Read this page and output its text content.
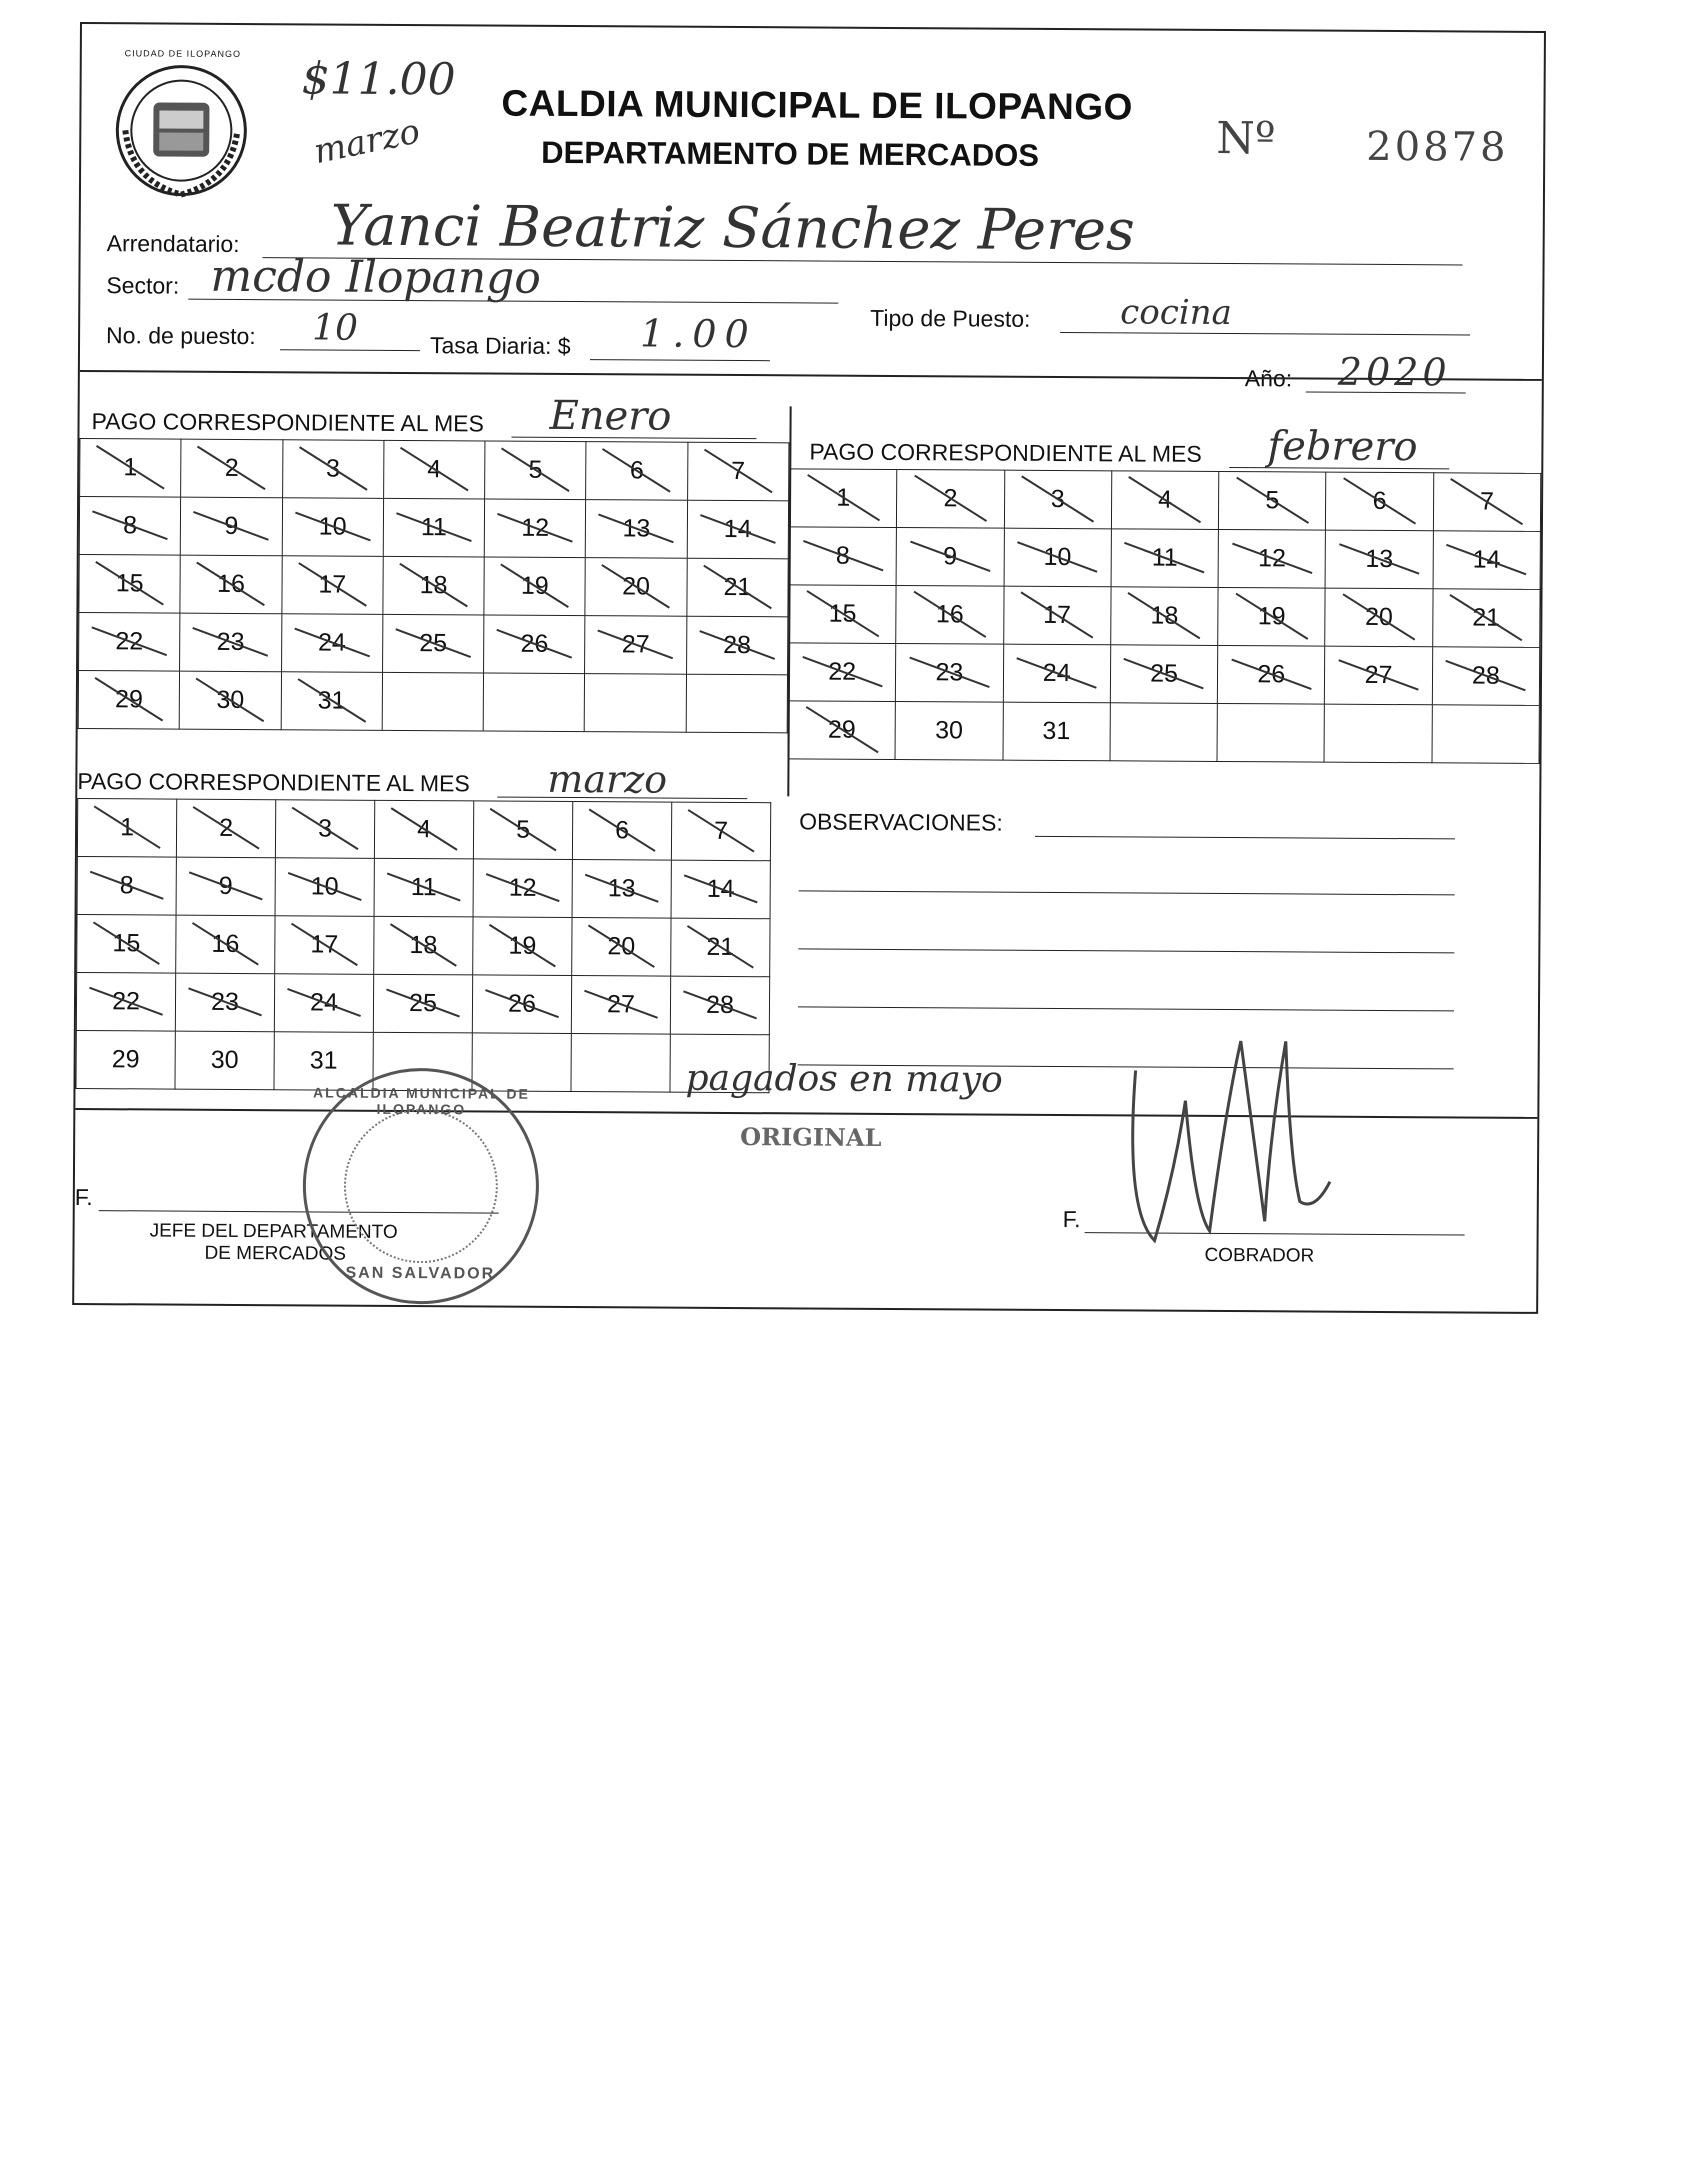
CIUDAD DE ILOPANGO $11.00
marzo
CALDIA MUNICIPAL DE ILOPANGO
DEPARTAMENTO DE MERCADOS	Nº 20878
Arrendatario: Yanci Beatriz Sánchez Peres
Sector: mcdo Ilopango
Tipo de Puesto:	cocina
No. de puesto: 10	Tasa Diaria: $ 1.00
Año: 2020
PAGO CORRESPONDIENTE AL MES Enero
1	2	3	4	5	6	7

8	9	10	11	12	13	14

15	16	17	18	19	20	21

22	23	24	25	26	27	28

29	30	31

PAGO CORRESPONDIENTE AL MES febrero
1	2	3	4	5	6	7

8	9	10	11	12	13	14

15	16	17	18	19	20	21

22	23	24	25	26	27	28

29	30	31				
PAGO CORRESPONDIENTE AL MES marzo
1	2	3	4	5	6	7

8	9	10	11	12	13	14

15	16	17	18	19	20	21

22	23	24	25	26	27	28

29	30	31				
OBSERVACIONES:
pagados en mayo
ORIGINAL
F.
JEFE DEL DEPARTAMENTO
DE MERCADOS
F.
COBRADOR
ALCALDIA MUNICIPAL DE ILOPANGO
SAN SALVADOR
